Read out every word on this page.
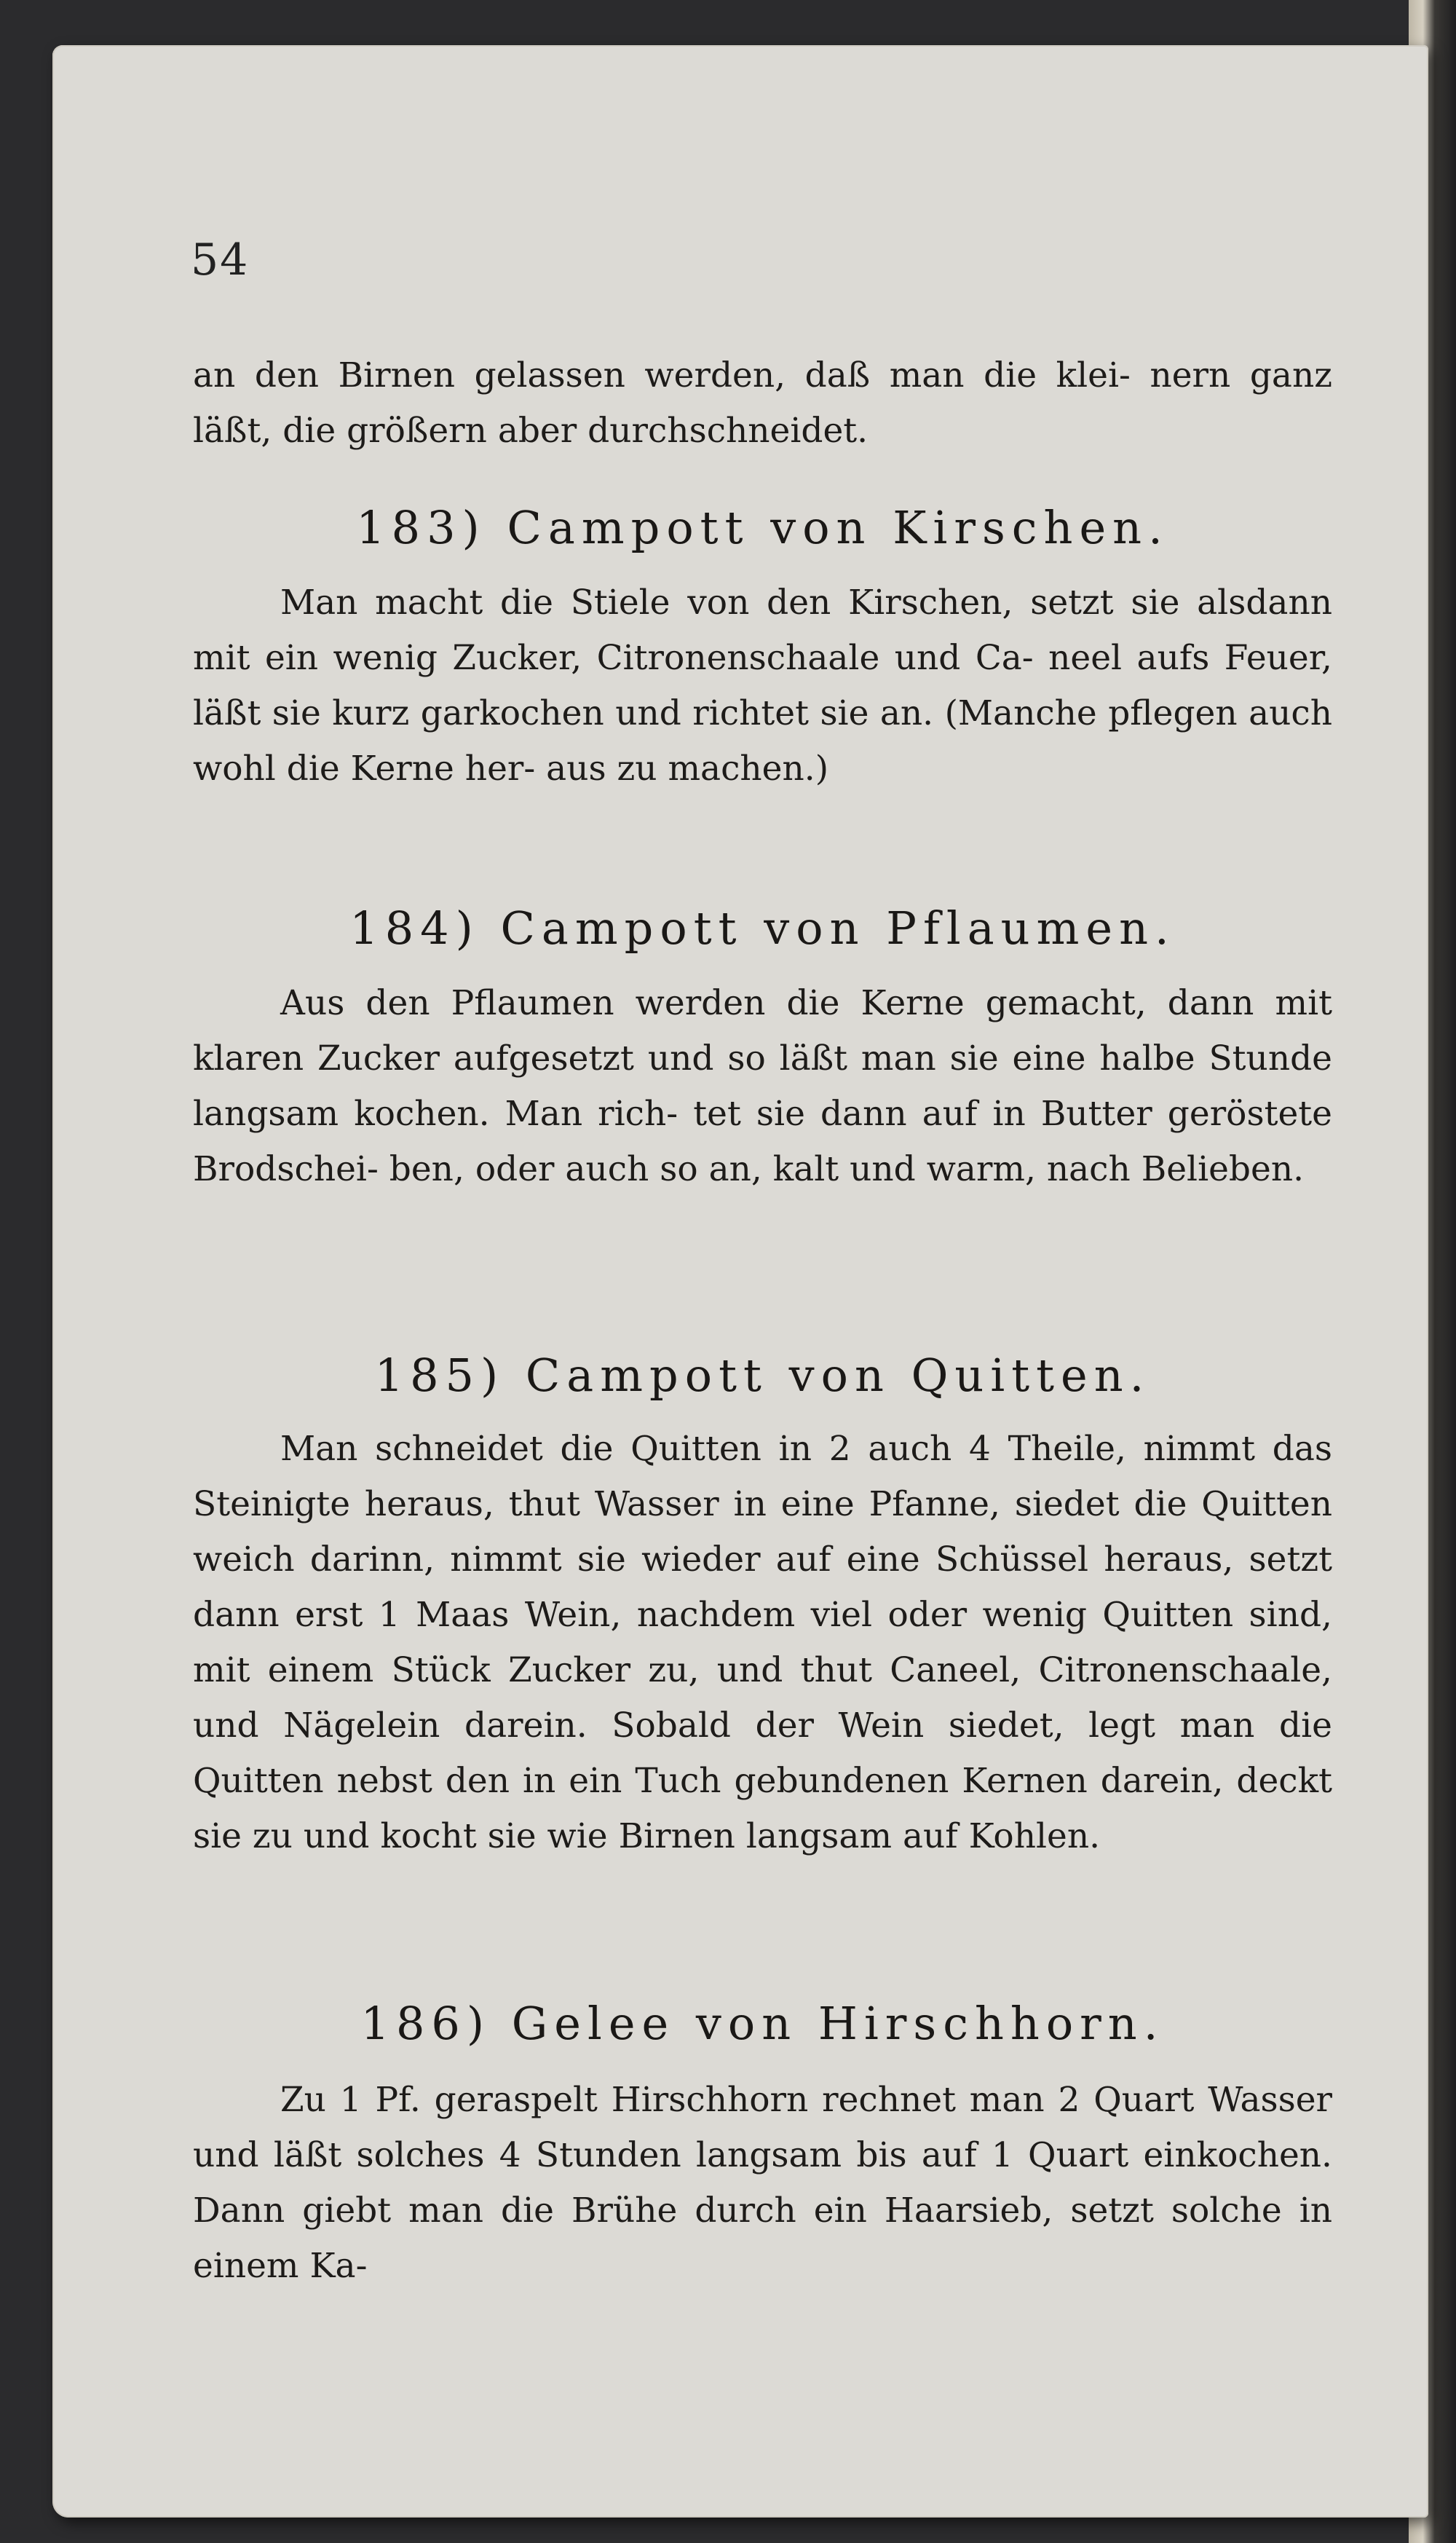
54

an den Birnen gelassen werden, daß man die klei- nern ganz läßt, die größern aber durchschneidet.

183) Campott von Kirschen.

Man macht die Stiele von den Kirschen, setzt sie alsdann mit ein wenig Zucker, Citronenschaale und Ca- neel aufs Feuer, läßt sie kurz garkochen und richtet sie an. (Manche pflegen auch wohl die Kerne her- aus zu machen.)

184) Campott von Pflaumen.

Aus den Pflaumen werden die Kerne gemacht, dann mit klaren Zucker aufgesetzt und so läßt man sie eine halbe Stunde langsam kochen. Man rich- tet sie dann auf in Butter geröstete Brodschei- ben, oder auch so an, kalt und warm, nach Belieben.

185) Campott von Quitten.

Man schneidet die Quitten in 2 auch 4 Theile, nimmt das Steinigte heraus, thut Wasser in eine Pfanne, siedet die Quitten weich darinn, nimmt sie wieder auf eine Schüssel heraus, setzt dann erst 1 Maas Wein, nachdem viel oder wenig Quitten sind, mit einem Stück Zucker zu, und thut Caneel, Citronenschaale, und Nägelein darein. Sobald der Wein siedet, legt man die Quitten nebst den in ein Tuch gebundenen Kernen darein, deckt sie zu und kocht sie wie Birnen langsam auf Kohlen.

186) Gelee von Hirschhorn.

Zu 1 Pf. geraspelt Hirschhorn rechnet man 2 Quart Wasser und läßt solches 4 Stunden langsam bis auf 1 Quart einkochen. Dann giebt man die Brühe durch ein Haarsieb, setzt solche in einem Ka-
